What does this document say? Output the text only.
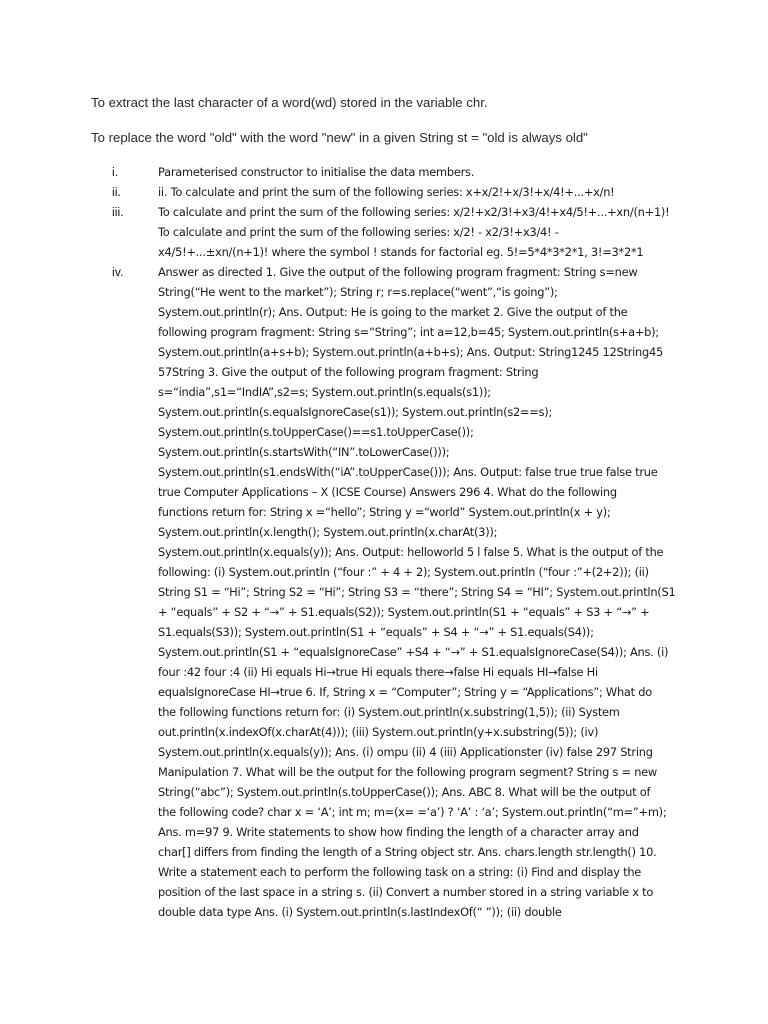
To extract the last character of a word(wd) stored in the variable chr.
To replace the word "old" with the word "new" in a given String st = "old is always old"
i.	Parameterised constructor to initialise the data members.
ii.	ii. To calculate and print the sum of the following series: x+x/2!+x/3!+x/4!+...+x/n!
iii.	To calculate and print the sum of the following series: x/2!+x2/3!+x3/4!+x4/5!+...+xn/(n+1)!
To calculate and print the sum of the following series: x/2! - x2/3!+x3/4! -
x4/5!+...±xn/(n+1)! where the symbol ! stands for factorial eg. 5!=5*4*3*2*1, 3!=3*2*1
iv.	Answer as directed 1. Give the output of the following program fragment: String s=new
String(“He went to the market”); String r; r=s.replace(“went”,“is going”);
System.out.println(r); Ans. Output: He is going to the market 2. Give the output of the
following program fragment: String s=“String”; int a=12,b=45; System.out.println(s+a+b);
System.out.println(a+s+b); System.out.println(a+b+s); Ans. Output: String1245 12String45
57String 3. Give the output of the following program fragment: String
s=“india”,s1=“IndIA”,s2=s; System.out.println(s.equals(s1));
System.out.println(s.equalsIgnoreCase(s1)); System.out.println(s2==s);
System.out.println(s.toUpperCase()==s1.toUpperCase());
System.out.println(s.startsWith(“IN”.toLowerCase()));
System.out.println(s1.endsWith(“iA”.toUpperCase())); Ans. Output: false true true false true
true Computer Applications – X (ICSE Course) Answers 296 4. What do the following
functions return for: String x =“hello”; String y =“world” System.out.println(x + y);
System.out.println(x.length(); System.out.println(x.charAt(3));
System.out.println(x.equals(y)); Ans. Output: helloworld 5 l false 5. What is the output of the
following: (i) System.out.println (“four :” + 4 + 2); System.out.println (“four :”+(2+2)); (ii)
String S1 = “Hi”; String S2 = “Hi”; String S3 = “there”; String S4 = “HI”; System.out.println(S1
+ “equals” + S2 + “→” + S1.equals(S2)); System.out.println(S1 + “equals” + S3 + “→” +
S1.equals(S3)); System.out.println(S1 + “equals” + S4 + “→” + S1.equals(S4));
System.out.println(S1 + “equalsIgnoreCase” +S4 + “→” + S1.equalsIgnoreCase(S4)); Ans. (i)
four :42 four :4 (ii) Hi equals Hi→true Hi equals there→false Hi equals HI→false Hi
equalsIgnoreCase HI→true 6. If, String x = “Computer”; String y = “Applications”; What do
the following functions return for: (i) System.out.println(x.substring(1,5)); (ii) System
out.println(x.indexOf(x.charAt(4))); (iii) System.out.println(y+x.substring(5)); (iv)
System.out.println(x.equals(y)); Ans. (i) ompu (ii) 4 (iii) Applicationster (iv) false 297 String
Manipulation 7. What will be the output for the following program segment? String s = new
String(“abc”); System.out.println(s.toUpperCase()); Ans. ABC 8. What will be the output of
the following code? char x = ‘A’; int m; m=(x= =‘a’) ? ‘A’ : ‘a’; System.out.println(“m=”+m);
Ans. m=97 9. Write statements to show how finding the length of a character array and
char[] differs from finding the length of a String object str. Ans. chars.length str.length() 10.
Write a statement each to perform the following task on a string: (i) Find and display the
position of the last space in a string s. (ii) Convert a number stored in a string variable x to
double data type Ans. (i) System.out.println(s.lastIndexOf(“ ”)); (ii) double
